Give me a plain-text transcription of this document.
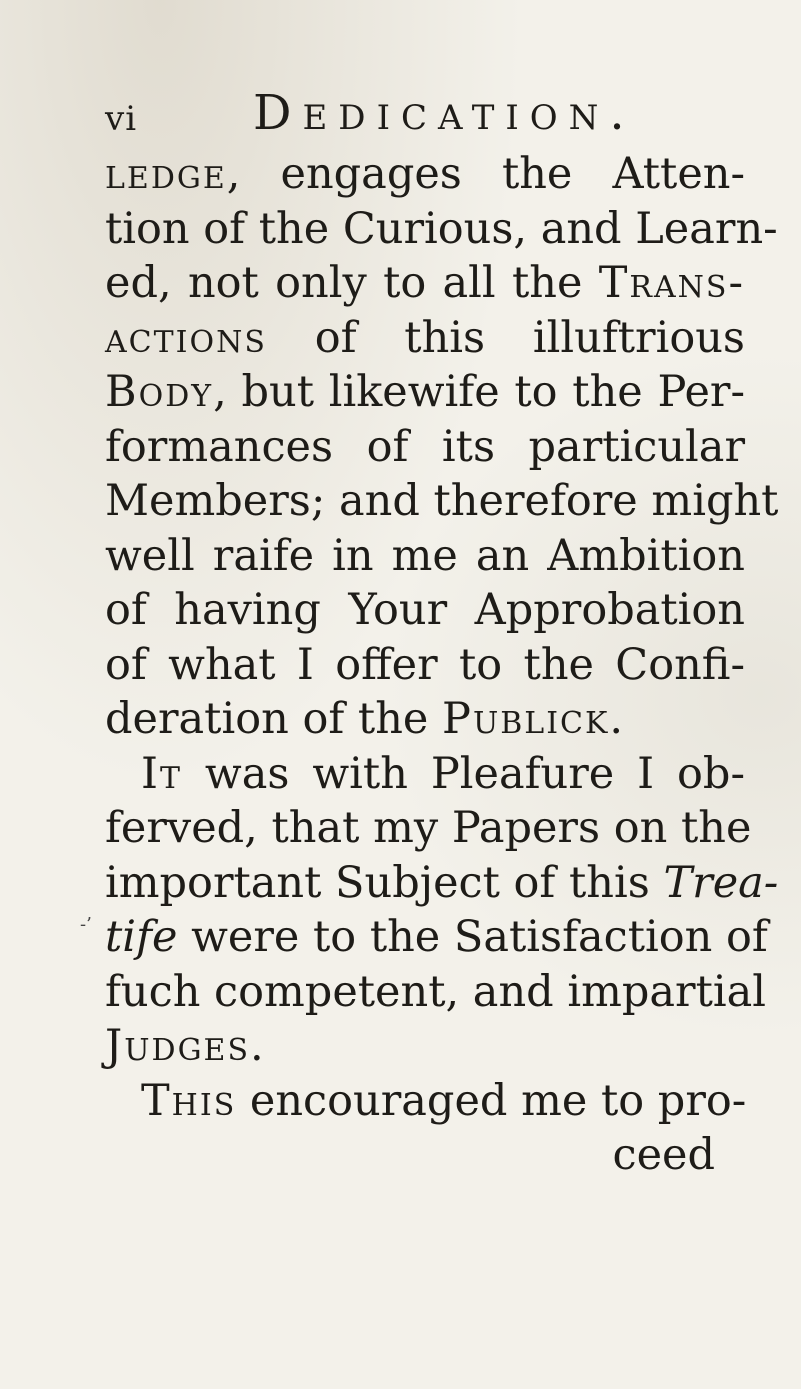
vi Dedication.
-’
ledge, engages the Atten-
tion of the Curious, and Learn-
ed, not only to all the Trans-
actions of this illuftrious
Body, but likewife to the Per-
formances of its particular
Members; and therefore might
well raife in me an Ambition
of having Your Approbation
of what I offer to the Confi-
deration of the Publick.
It was with Pleafure I ob-
ferved, that my Papers on the
important Subject of this Trea-
tife were to the Satisfaction of
fuch competent, and impartial
Judges.
This encouraged me to pro-
ceed
